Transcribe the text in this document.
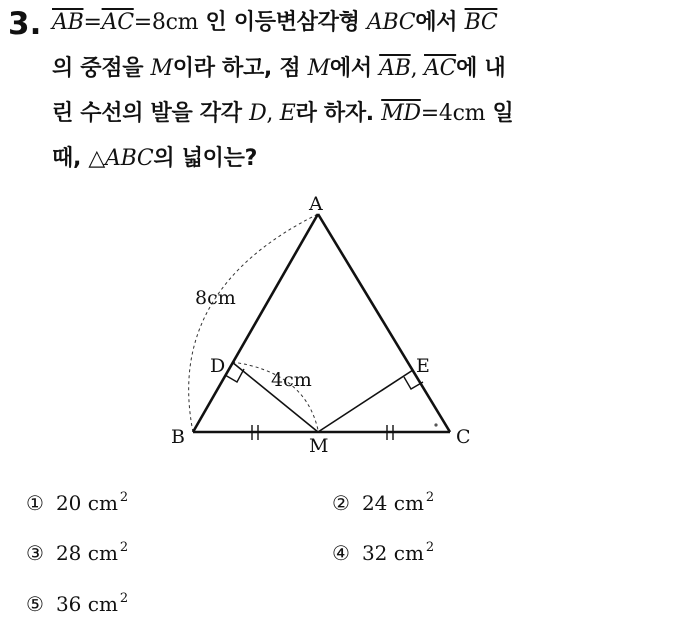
3. $\overline{AB}=\overline{AC}=8cm$ 인 이등변삼각형 ABC에서 $\overline{BC}$
의 중점을 M이라 하고, 점 M에서 $\overline{AB}$, $\overline{AC}$에 내
린 수선의 발을 각각 D, E라 하자. $\overline{MD}=4cm$ 일
때, △ABC의 넓이는?
A
B	C
D	E
M
8cm
4cm
① 20 cm $^2$	② 24 cm $^2$
③ 28 cm $^2$	④ 32 cm $^2$
⑤ 36 cm $^2$
